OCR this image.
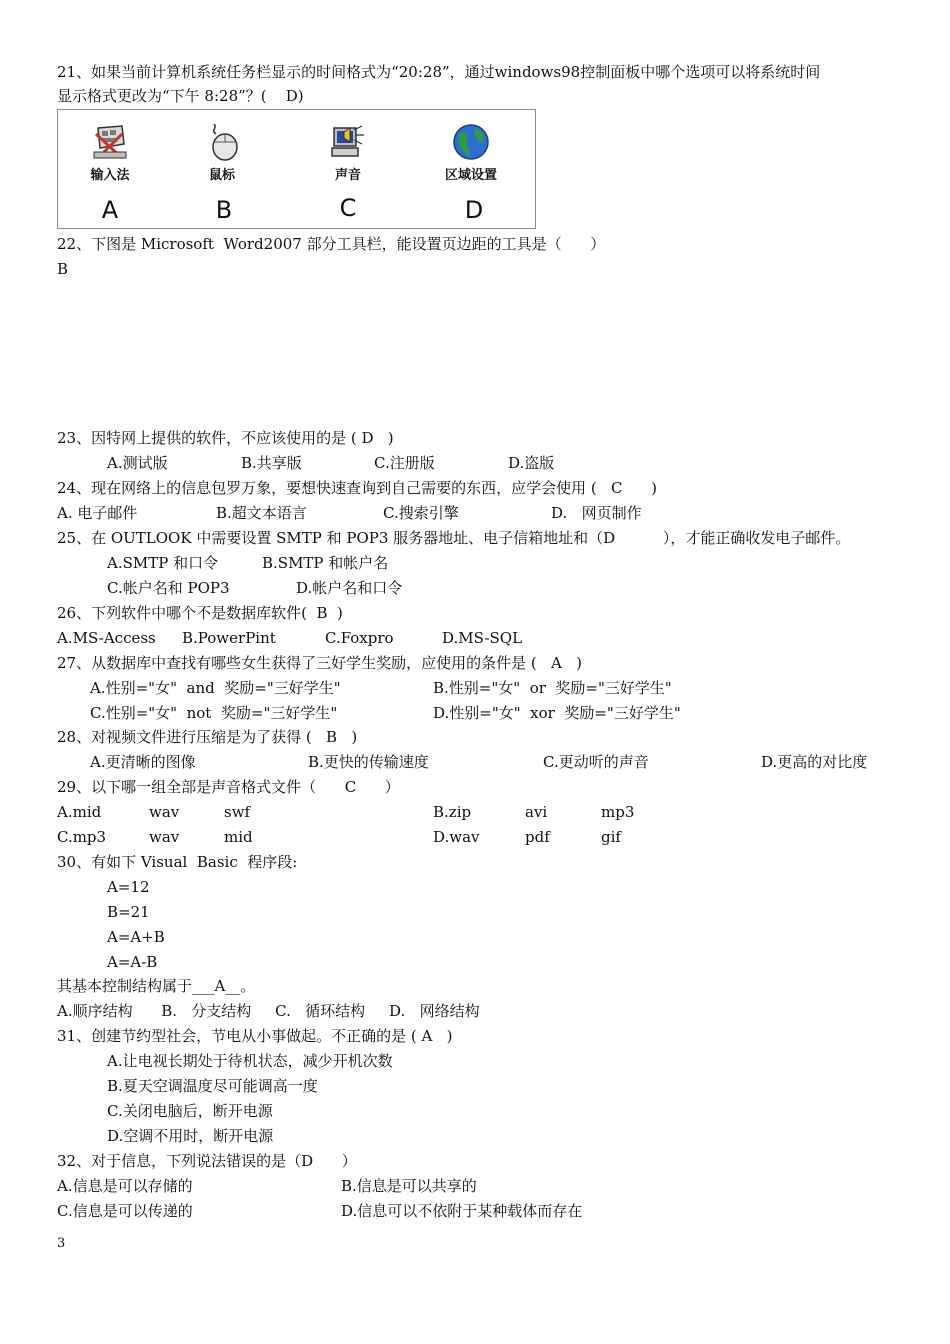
21、如果当前计算机系统任务栏显示的时间格式为“20:28”，通过windows98控制面板中哪个选项可以将系统时间
显示格式更改为“下午 8:28”？(    D)
输入法	鼠标	声音	区域设置
A	B	C	D
22、下图是 Microsoft  Word2007 部分工具栏，能设置页边距的工具是（      ）
B
23、因特网上提供的软件，不应该使用的是 ( D   )
A.测试版	B.共享版	C.注册版	D.盗版
24、现在网络上的信息包罗万象，要想快速查询到自己需要的东西，应学会使用 (   C      )
A. 电子邮件	B.超文本语言	C.搜索引擎	D.   网页制作
25、在 OUTLOOK 中需要设置 SMTP 和 POP3 服务器地址、电子信箱地址和（D          ），才能正确收发电子邮件。
A.SMTP 和口令	B.SMTP 和帐户名
C.帐户名和 POP3	D.帐户名和口令
26、下列软件中哪个不是数据库软件(  B  )
A.MS-Access B.PowerPint	C.Foxpro	D.MS-SQL
27、从数据库中查找有哪些女生获得了三好学生奖励，应使用的条件是 (   A   )
A.性别="女"  and  奖励="三好学生"	B.性别="女"  or  奖励="三好学生"
C.性别="女"  not  奖励="三好学生"	D.性别="女"  xor  奖励="三好学生"
28、对视频文件进行压缩是为了获得 (   B   )
A.更清晰的图像	B.更快的传输速度	C.更动听的声音	D.更高的对比度
29、以下哪一组全部是声音格式文件（      C      ）
A.mid	wav	swf	B.zip	avi	mp3
C.mp3	wav	mid	D.wav	pdf	gif
30、有如下 Visual  Basic  程序段:
A=12
B=21
A=A+B
A=A-B
其基本控制结构属于___A__。
A.顺序结构      B.   分支结构     C.   循环结构     D.   网络结构
31、创建节约型社会，节电从小事做起。不正确的是 ( A   )
A.让电视长期处于待机状态，减少开机次数
B.夏天空调温度尽可能调高一度
C.关闭电脑后，断开电源
D.空调不用时，断开电源
32、对于信息，下列说法错误的是（D      ）
A.信息是可以存储的	B.信息是可以共享的
C.信息是可以传递的	D.信息可以不依附于某种载体而存在
3
